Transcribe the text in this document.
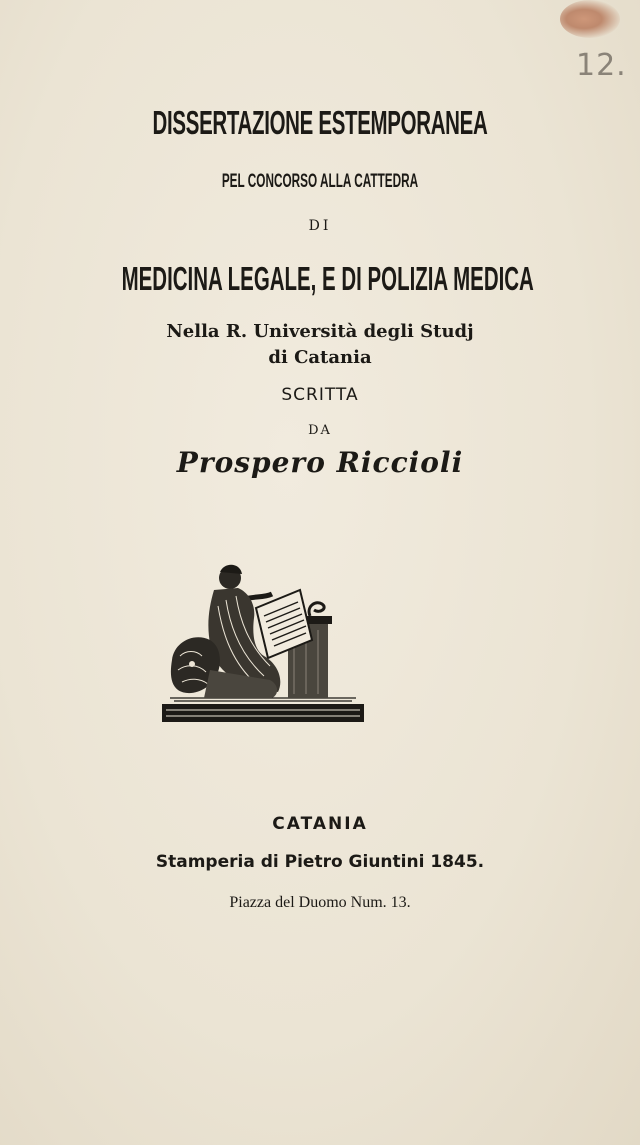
12.
DISSERTAZIONE ESTEMPORANEA
PEL CONCORSO ALLA CATTEDRA
DI
MEDICINA LEGALE, E DI POLIZIA MEDICA
Nella R. Università degli Studj
di Catania
SCRITTA
DA
Prospero Riccioli
CATANIA
Stamperia di Pietro Giuntini 1845.
Piazza del Duomo Num. 13.
